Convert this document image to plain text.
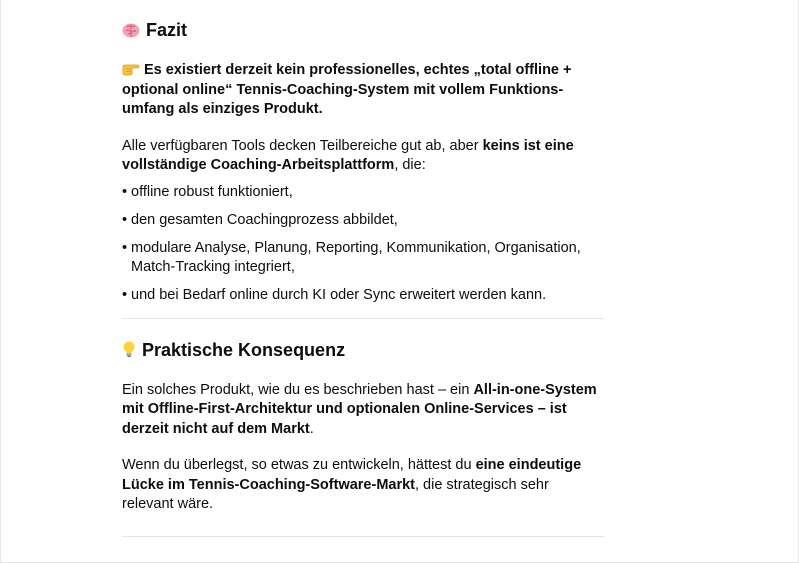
Fazit

Es existiert derzeit kein professionelles, echtes „total offline + optional online“ Tennis-Coaching-System mit vollem Funktionsumfang als einziges Produkt.

Alle verfügbaren Tools decken Teilbereiche gut ab, aber keins ist eine vollständige Coaching-Arbeitsplattform, die:

• offline robust funktioniert,
• den gesamten Coachingprozess abbildet,
• modulare Analyse, Planung, Reporting, Kommunikation, Organisation, Match-Tracking integriert,
• und bei Bedarf online durch KI oder Sync erweitert werden kann.
Praktische Konsequenz

Ein solches Produkt, wie du es beschrieben hast – ein All-in-one-System mit Offline-First-Architektur und optionalen Online-Services – ist derzeit nicht auf dem Markt.

Wenn du überlegst, so etwas zu entwickeln, hättest du eine eindeutige Lücke im Tennis-Coaching-Software-Markt, die strategisch sehr relevant wäre.
